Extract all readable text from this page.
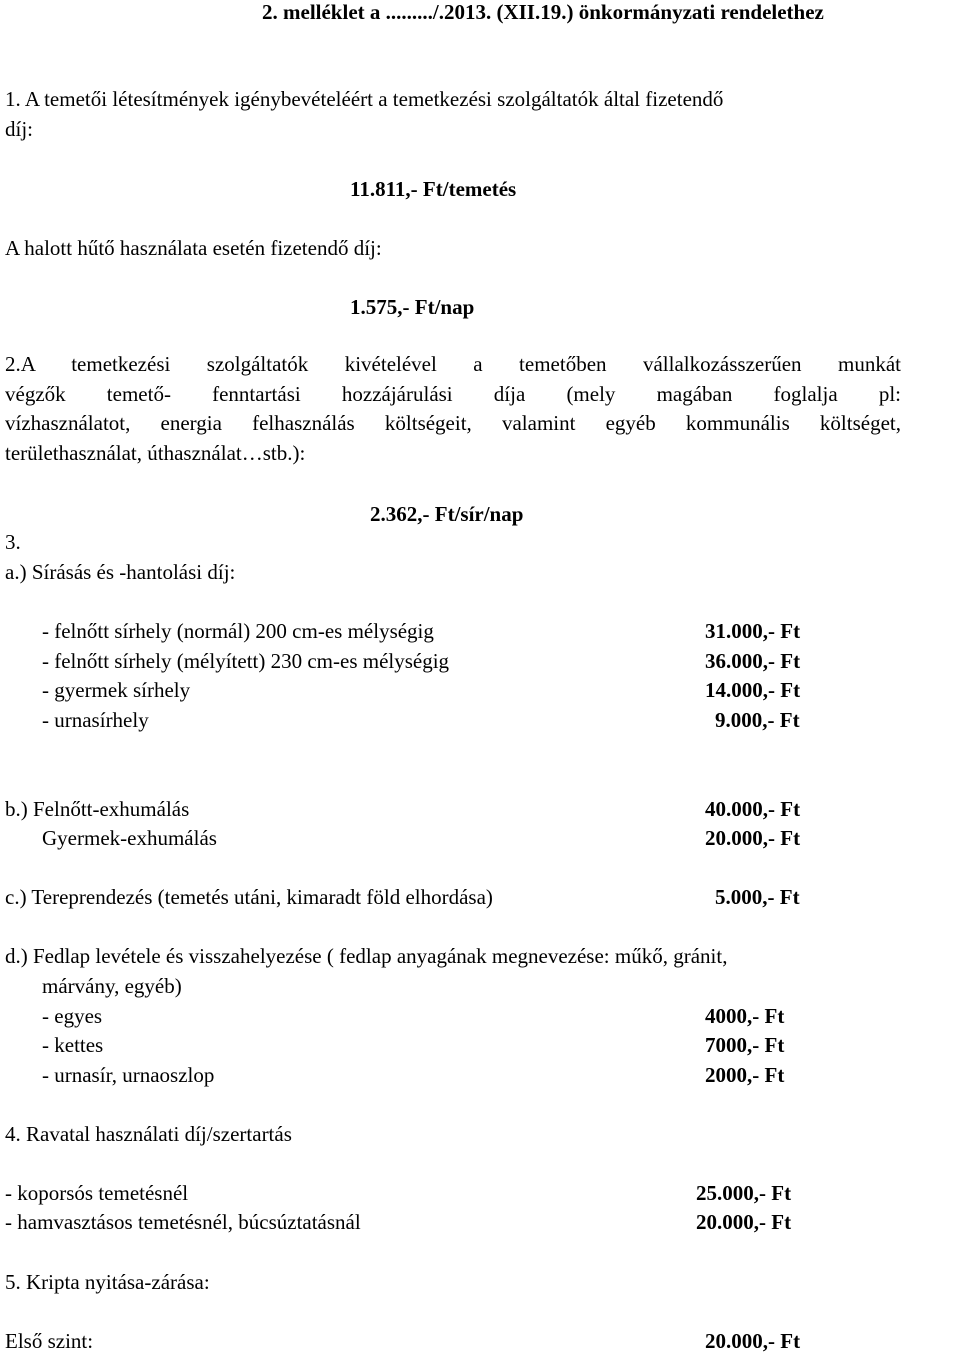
2. melléklet a ........./.2013. (XII.19.) önkormányzati rendelethez
1. A temetői létesítmények igénybevételéért a temetkezési szolgáltatók által fizetendő
díj:
11.811,- Ft/temetés
A halott hűtő használata esetén fizetendő díj:
1.575,- Ft/nap
2.A temetkezési szolgáltatók kivételével a temetőben vállalkozásszerűen munkát
végzők temető- fenntartási hozzájárulási díja (mely magában foglalja pl:
vízhasználatot, energia felhasználás költségeit, valamint egyéb kommunális költséget,
területhasználat, úthasználat…stb.):
2.362,- Ft/sír/nap
3.
a.) Sírásás és -hantolási díj:
- felnőtt sírhely (normál) 200 cm-es mélységig	31.000,- Ft
- felnőtt sírhely (mélyített) 230 cm-es mélységig	36.000,- Ft
- gyermek sírhely	14.000,- Ft
- urnasírhely	9.000,- Ft
b.) Felnőtt-exhumálás	40.000,- Ft
Gyermek-exhumálás	20.000,- Ft
c.) Tereprendezés (temetés utáni, kimaradt föld elhordása)	5.000,- Ft
d.) Fedlap levétele és visszahelyezése ( fedlap anyagának megnevezése: műkő, gránit,
márvány, egyéb)
- egyes	4000,- Ft
- kettes	7000,- Ft
- urnasír, urnaoszlop	2000,- Ft
4. Ravatal használati díj/szertartás
- koporsós temetésnél	25.000,- Ft
- hamvasztásos temetésnél, búcsúztatásnál	20.000,- Ft
5. Kripta nyitása-zárása:
Első szint:	20.000,- Ft
